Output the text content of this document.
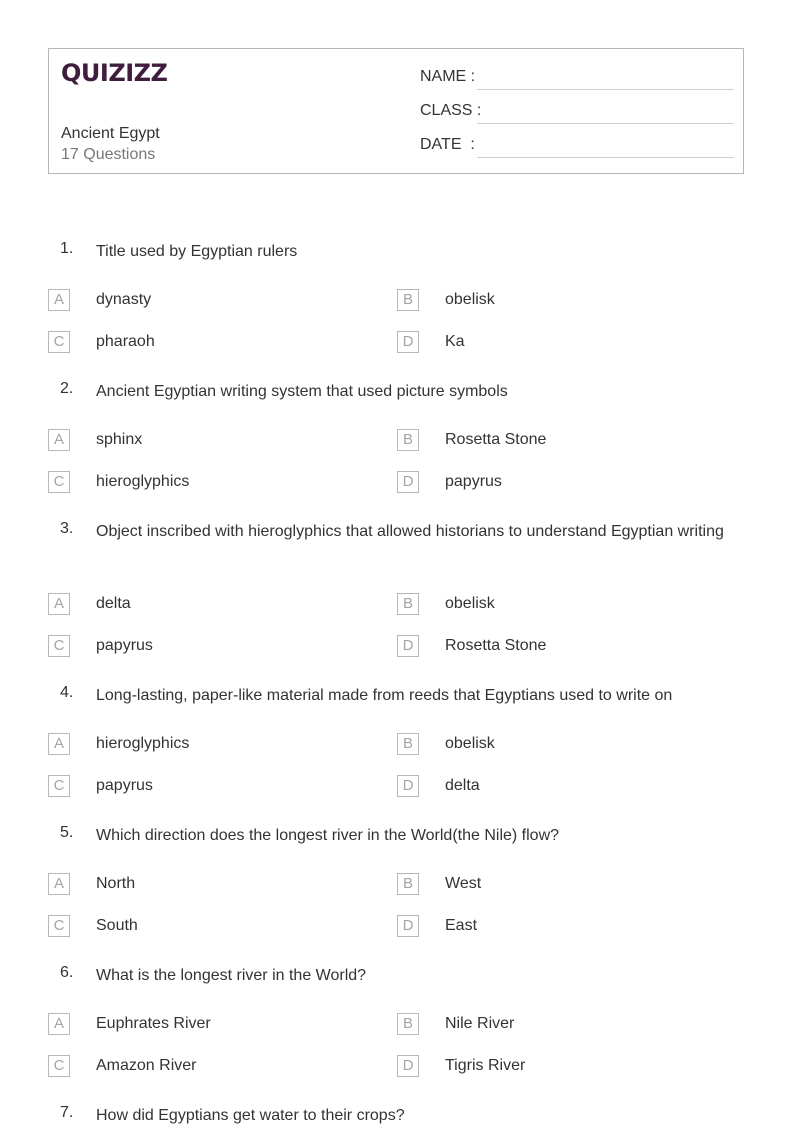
QUIZIZZ
Ancient Egypt
17 Questions
NAME :
CLASS :
DATE  :
1. Title used by Egyptian rulers
A	dynasty	B	obelisk
C	pharaoh	D	Ka
2. Ancient Egyptian writing system that used picture symbols
A	sphinx	B	Rosetta Stone
C	hieroglyphics	D	papyrus
3. Object inscribed with hieroglyphics that allowed historians to understand Egyptian writing
A	delta	B	obelisk
C	papyrus	D	Rosetta Stone
4. Long-lasting, paper-like material made from reeds that Egyptians used to write on
A	hieroglyphics	B	obelisk
C	papyrus	D	delta
5. Which direction does the longest river in the World(the Nile) flow?
A	North	B	West
C	South	D	East
6. What is the longest river in the World?
A	Euphrates River	B	Nile River
C	Amazon River	D	Tigris River
7. How did Egyptians get water to their crops?
